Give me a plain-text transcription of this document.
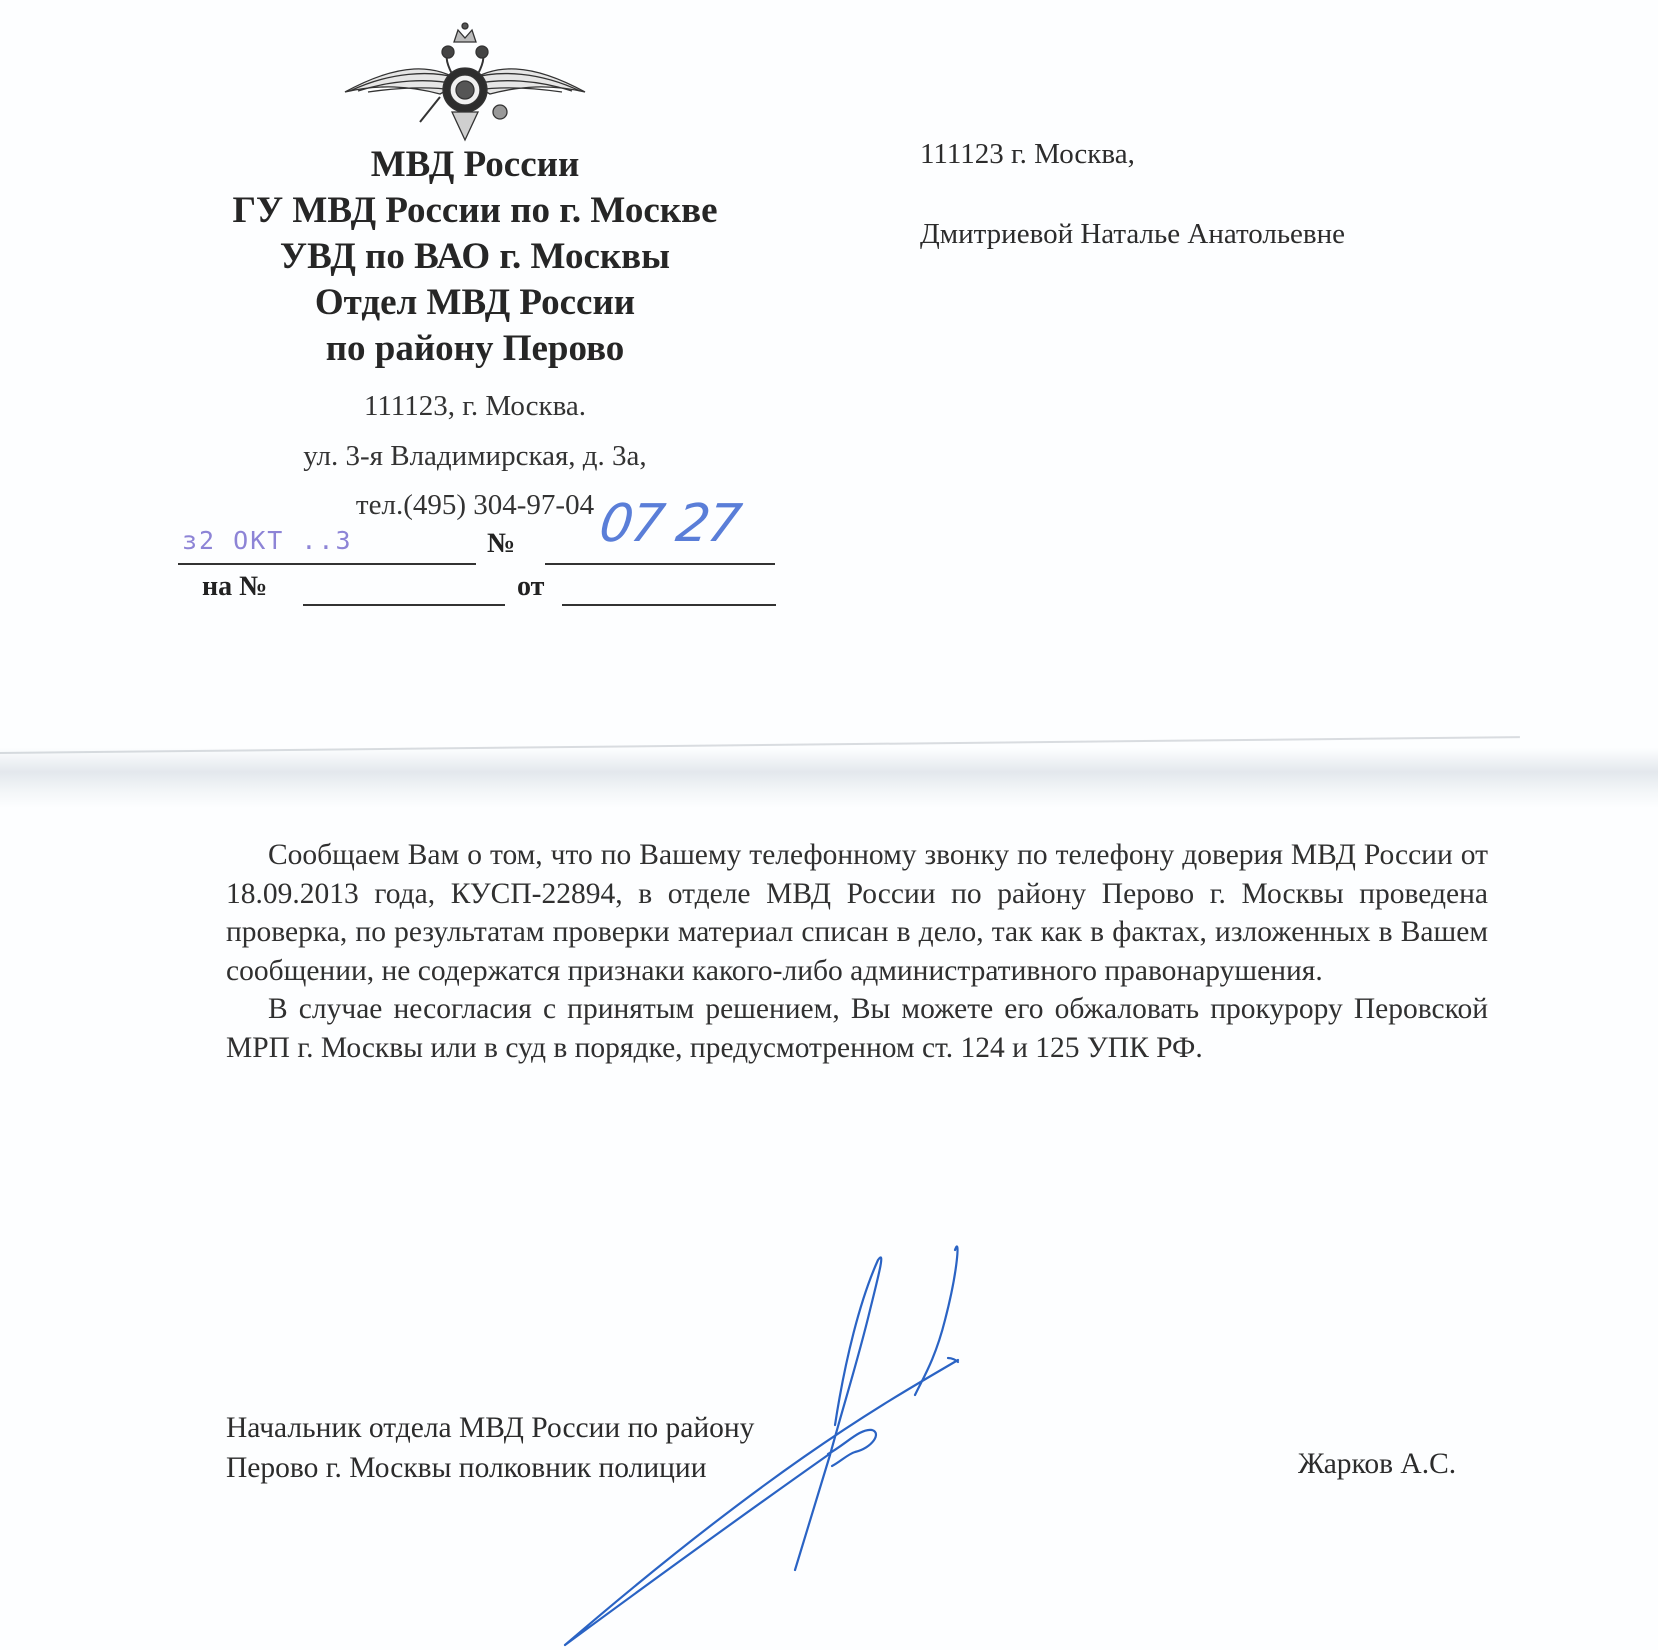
МВД России
ГУ МВД России по г. Москве
УВД по ВАО г. Москвы
Отдел МВД России
по району Перово
111123, г. Москва.
ул. 3-я Владимирская, д. 3а,
тел.(495) 304-97-04
з2 ОКТ ..3	№ 07 27
на №	от
111123 г. Москва,
Дмитриевой Наталье Анатольевне

Сообщаем Вам о том, что по Вашему телефонному звонку по телефону доверия МВД России от 18.09.2013 года, КУСП-22894, в отделе МВД России по району Перово г. Москвы проведена проверка, по результатам проверки материал списан в дело, так как в фактах, изложенных в Вашем сообщении, не содержатся признаки какого-либо административного правонарушения.

В случае несогласия с принятым решением, Вы можете его обжаловать прокурору Перовской МРП г. Москвы или в суд в порядке, предусмотренном ст. 124 и 125 УПК РФ.

Начальник отдела МВД России по району
Перово г. Москвы полковник полиции	Жарков А.С.
